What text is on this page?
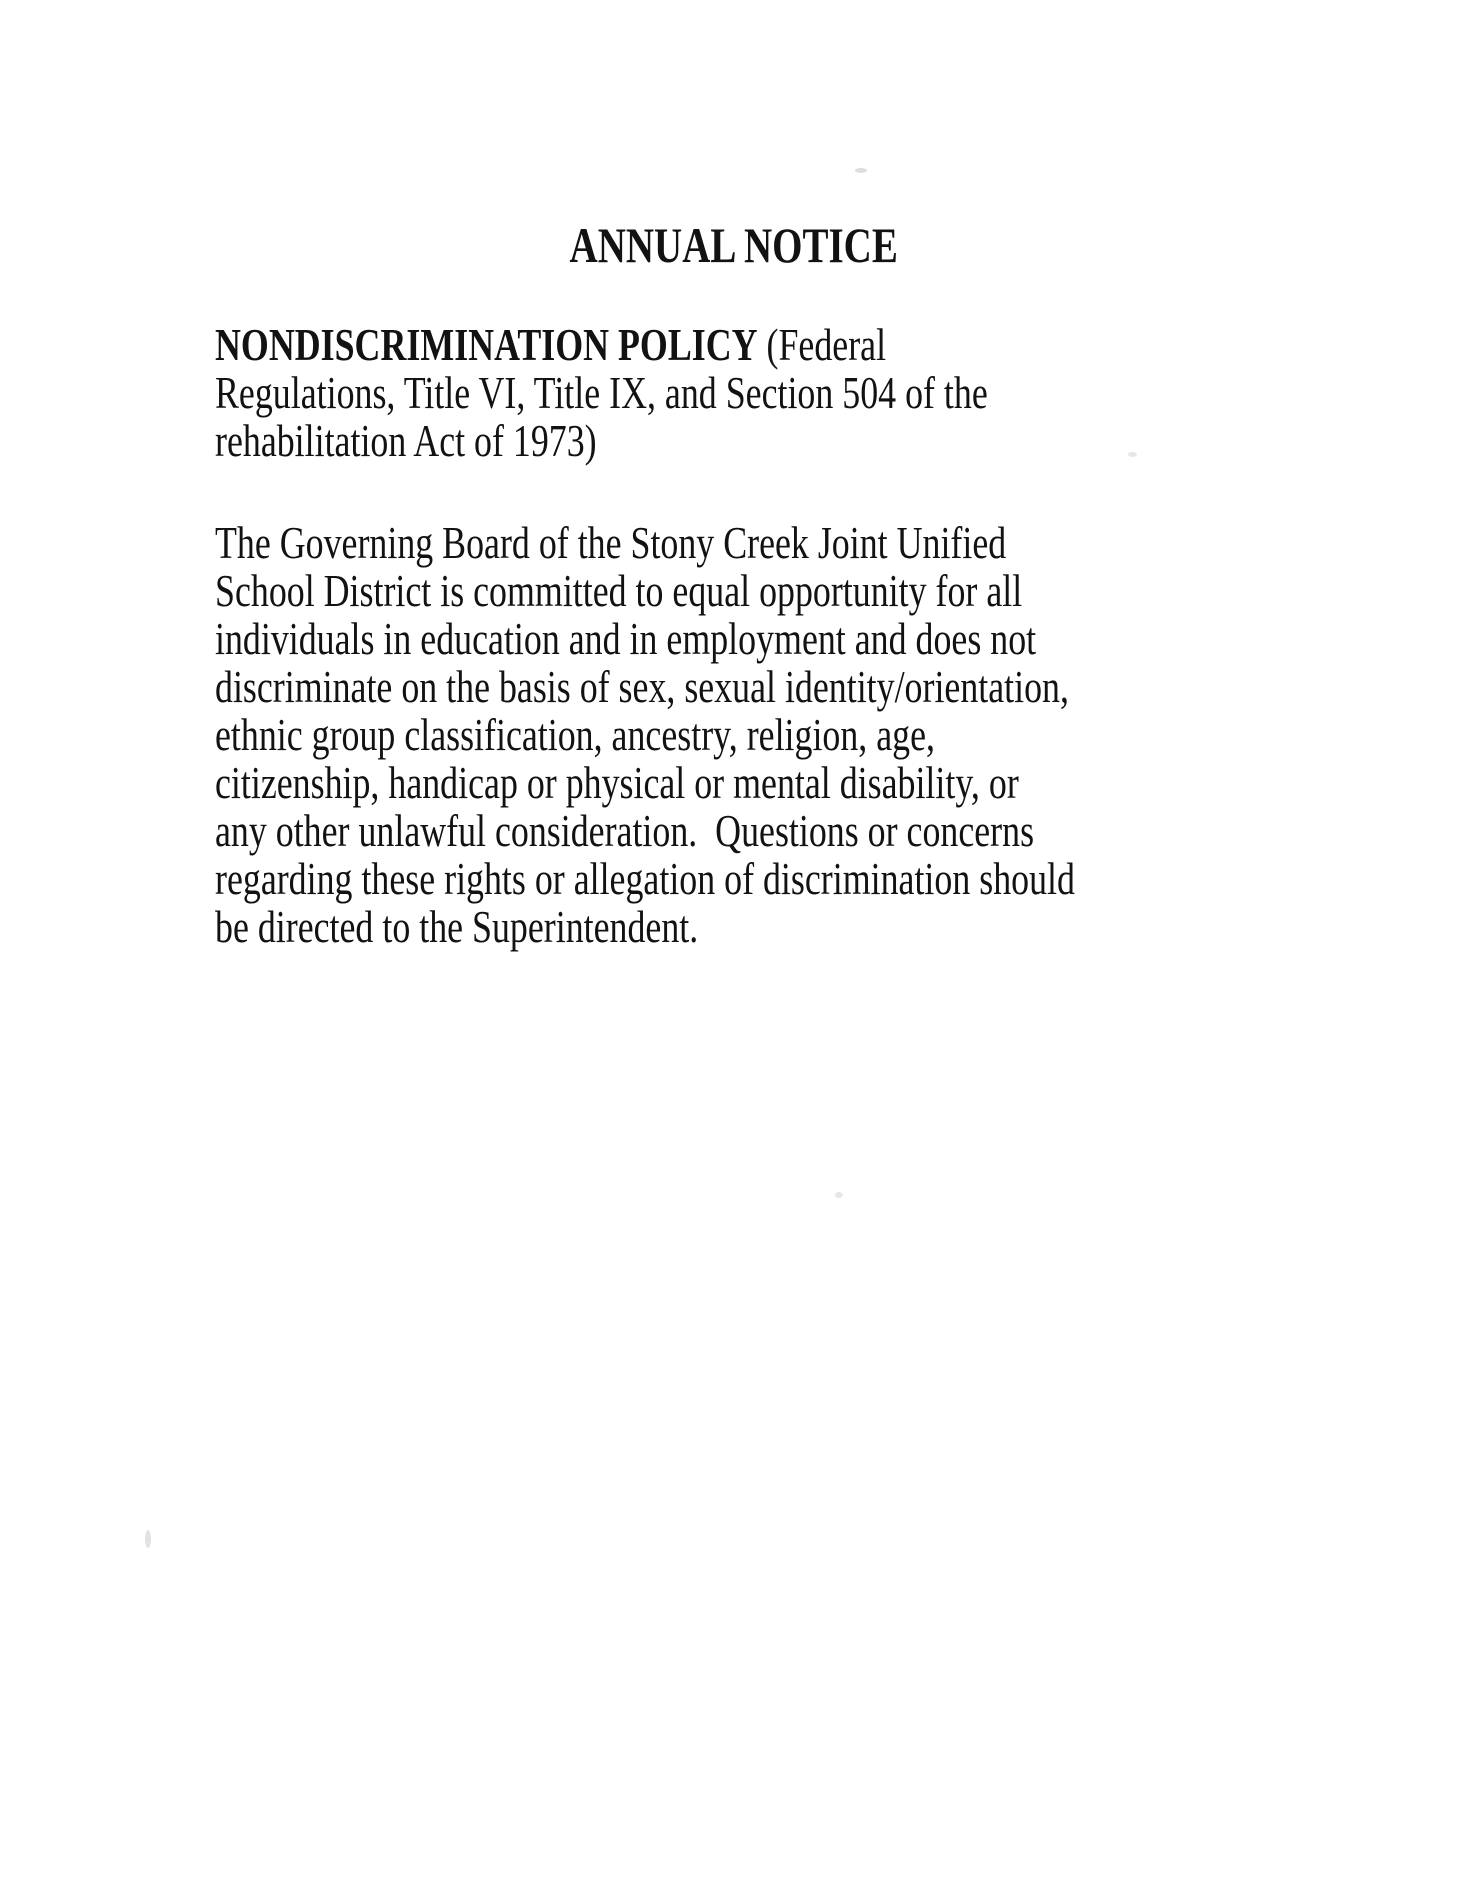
ANNUAL NOTICE
NONDISCRIMINATION POLICY (Federal
Regulations, Title VI, Title IX, and Section 504 of the
rehabilitation Act of 1973)
The Governing Board of the Stony Creek Joint Unified
School District is committed to equal opportunity for all
individuals in education and in employment and does not
discriminate on the basis of sex, sexual identity/orientation,
ethnic group classification, ancestry, religion, age,
citizenship, handicap or physical or mental disability, or
any other unlawful consideration.  Questions or concerns
regarding these rights or allegation of discrimination should
be directed to the Superintendent.
